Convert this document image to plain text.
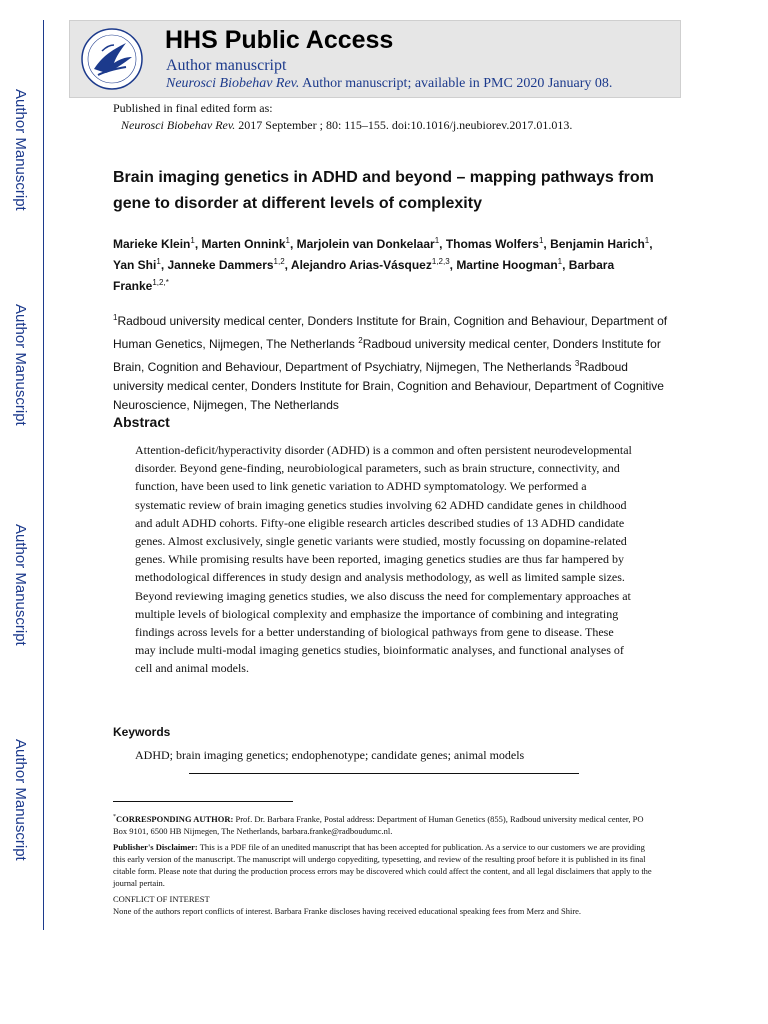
Author Manuscript
Author Manuscript
Author Manuscript
Author Manuscript
HHS Public Access
Author manuscript
Neurosci Biobehav Rev. Author manuscript; available in PMC 2020 January 08.
Published in final edited form as:
Neurosci Biobehav Rev. 2017 September ; 80: 115–155. doi:10.1016/j.neubiorev.2017.01.013.
Brain imaging genetics in ADHD and beyond – mapping pathways from gene to disorder at different levels of complexity
Marieke Klein$^1$, Marten Onnink$^1$, Marjolein van Donkelaar$^1$, Thomas Wolfers$^1$, Benjamin Harich$^1$, Yan Shi$^1$, Janneke Dammers$^{1,2}$, Alejandro Arias-Vásquez$^{1,2,3}$, Martine Hoogman$^1$, Barbara Franke$^{1,2,*}$
$^1$Radboud university medical center, Donders Institute for Brain, Cognition and Behaviour, Department of Human Genetics, Nijmegen, The Netherlands $^2$Radboud university medical center, Donders Institute for Brain, Cognition and Behaviour, Department of Psychiatry, Nijmegen, The Netherlands $^3$Radboud university medical center, Donders Institute for Brain, Cognition and Behaviour, Department of Cognitive Neuroscience, Nijmegen, The Netherlands
Abstract
Attention-deficit/hyperactivity disorder (ADHD) is a common and often persistent neurodevelopmental disorder. Beyond gene-finding, neurobiological parameters, such as brain structure, connectivity, and function, have been used to link genetic variation to ADHD symptomatology. We performed a systematic review of brain imaging genetics studies involving 62 ADHD candidate genes in childhood and adult ADHD cohorts. Fifty-one eligible research articles described studies of 13 ADHD candidate genes. Almost exclusively, single genetic variants were studied, mostly focussing on dopamine-related genes. While promising results have been reported, imaging genetics studies are thus far hampered by methodological differences in study design and analysis methodology, as well as limited sample sizes. Beyond reviewing imaging genetics studies, we also discuss the need for complementary approaches at multiple levels of biological complexity and emphasize the importance of combining and integrating findings across levels for a better understanding of biological pathways from gene to disease. These may include multi-modal imaging genetics studies, bioinformatic analyses, and functional analyses of cell and animal models.
Keywords
ADHD; brain imaging genetics; endophenotype; candidate genes; animal models

*CORRESPONDING AUTHOR: Prof. Dr. Barbara Franke, Postal address: Department of Human Genetics (855), Radboud university medical center, PO Box 9101, 6500 HB Nijmegen, The Netherlands, barbara.franke@radboudumc.nl.

Publisher's Disclaimer: This is a PDF file of an unedited manuscript that has been accepted for publication. As a service to our customers we are providing this early version of the manuscript. The manuscript will undergo copyediting, typesetting, and review of the resulting proof before it is published in its final citable form. Please note that during the production process errors may be discovered which could affect the content, and all legal disclaimers that apply to the journal pertain.

CONFLICT OF INTEREST

None of the authors report conflicts of interest. Barbara Franke discloses having received educational speaking fees from Merz and Shire.
